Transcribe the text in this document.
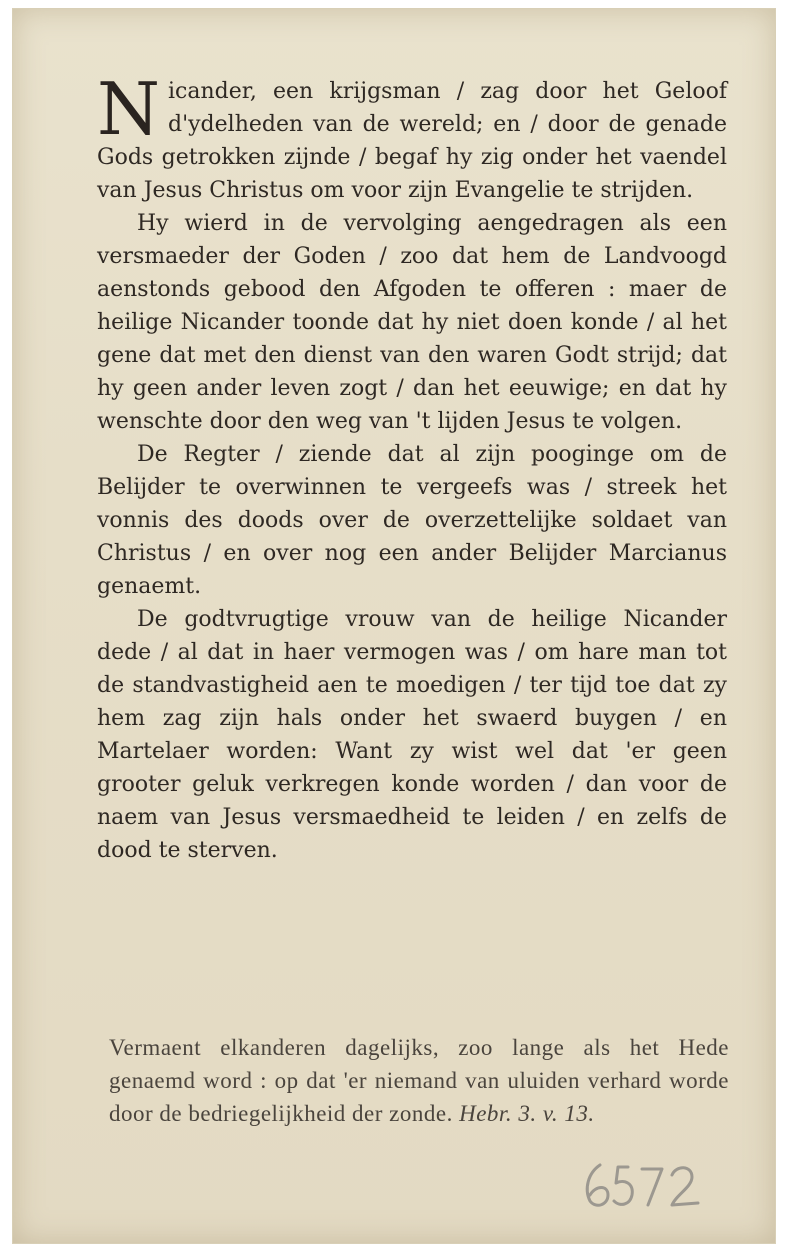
Nicander, een krijgsman / zag door het Geloof d'ydelheden van de wereld; en / door de genade Gods getrokken zijnde / begaf hy zig onder het vaendel van Jesus Christus om voor zijn Evangelie te strijden.

Hy wierd in de vervolging aengedragen als een versmaeder der Goden / zoo dat hem de Landvoogd aenstonds gebood den Afgoden te offeren : maer de heilige Nicander toonde dat hy niet doen konde / al het gene dat met den dienst van den waren Godt strijd; dat hy geen ander leven zogt / dan het eeuwige; en dat hy wenschte door den weg van 't lijden Jesus te volgen.

De Regter / ziende dat al zijn pooginge om de Belijder te overwinnen te vergeefs was / streek het vonnis des doods over de overzettelijke soldaet van Christus / en over nog een ander Belijder Marcianus genaemt.

De godtvrugtige vrouw van de heilige Nicander dede / al dat in haer vermogen was / om hare man tot de standvastigheid aen te moedigen / ter tijd toe dat zy hem zag zijn hals onder het swaerd buygen / en Martelaer worden: Want zy wist wel dat 'er geen grooter geluk verkregen konde worden / dan voor de naem van Jesus versmaedheid te leiden / en zelfs de dood te sterven.

Vermaent elkanderen dagelijks, zoo lange als het Hede genaemd word : op dat 'er niemand van uluiden verhard worde door de bedriegelijkheid der zonde. Hebr. 3. v. 13.
